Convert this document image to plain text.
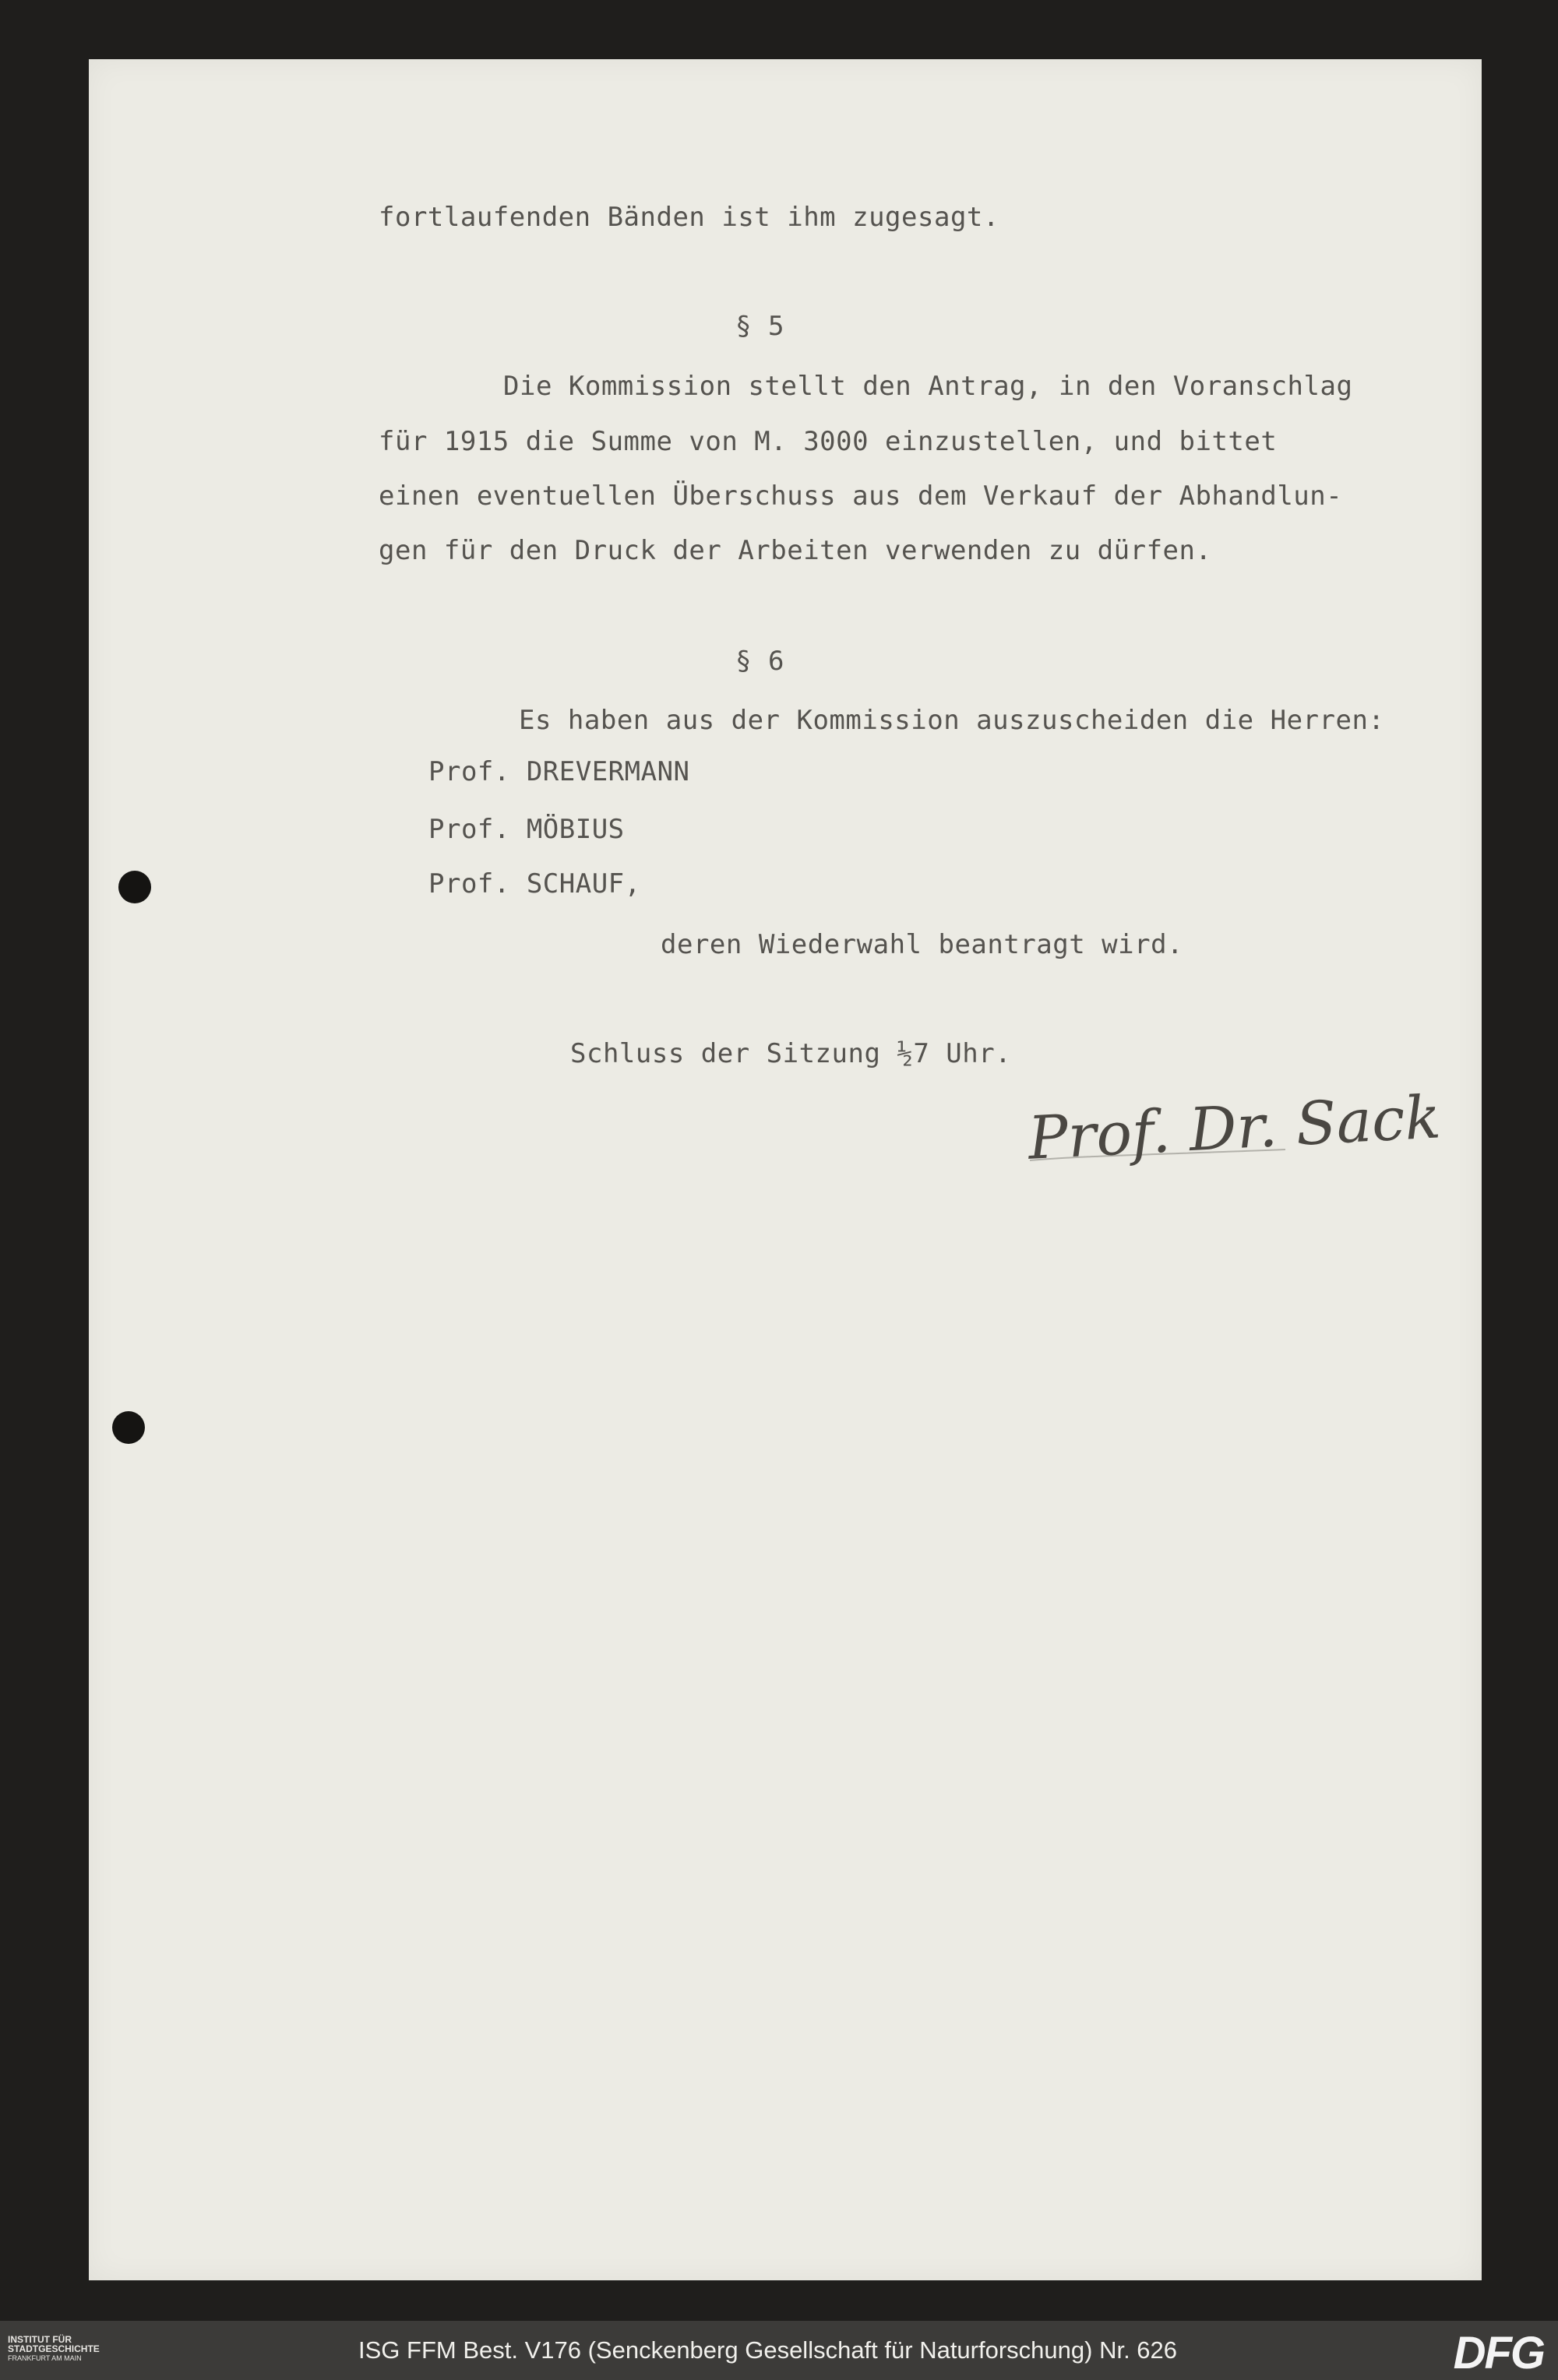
fortlaufenden Bänden ist ihm zugesagt.
§ 5
Die Kommission stellt den Antrag, in den Voranschlag
für 1915 die Summe von M. 3000 einzustellen, und bittet
einen eventuellen Überschuss aus dem Verkauf der Abhandlun-
gen für den Druck der Arbeiten verwenden zu dürfen.
§ 6
Es haben aus der Kommission auszuscheiden die Herren:
Prof. DREVERMANN
Prof. MÖBIUS
Prof. SCHAUF,
deren Wiederwahl beantragt wird.
Schluss der Sitzung ½7 Uhr.
Prof. Dr. Sack
INSTITUT FÜR
STADTGESCHICHTE
FRANKFURT AM MAIN	ISG FFM Best. V176 (Senckenberg Gesellschaft für Naturforschung) Nr. 626	DFG
